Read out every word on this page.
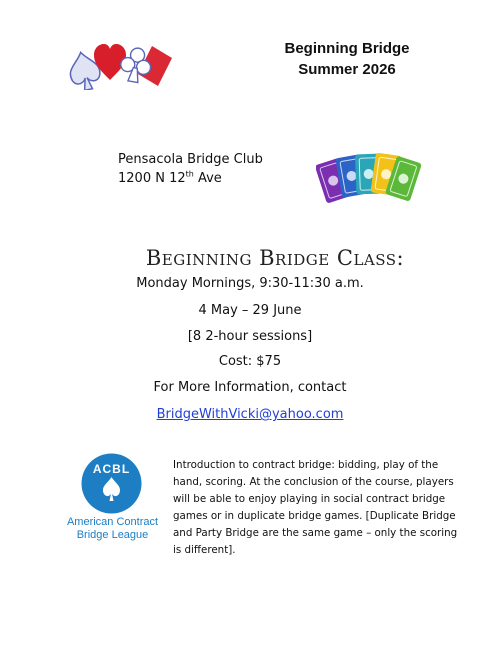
Beginning Bridge
Summer 2026
Pensacola Bridge Club
1200 N 12th Ave
Beginning Bridge Class:
Monday Mornings, 9:30-11:30 a.m.
4 May – 29 June
[8 2-hour sessions]
Cost: $75
For More Information, contact
BridgeWithVicki@yahoo.com
ACBL
American Contract
Bridge League
Introduction to contract bridge: bidding, play of the hand, scoring. At the conclusion of the course, players will be able to enjoy playing in social contract bridge games or in duplicate bridge games. [Duplicate Bridge and Party Bridge are the same game – only the scoring is different].
